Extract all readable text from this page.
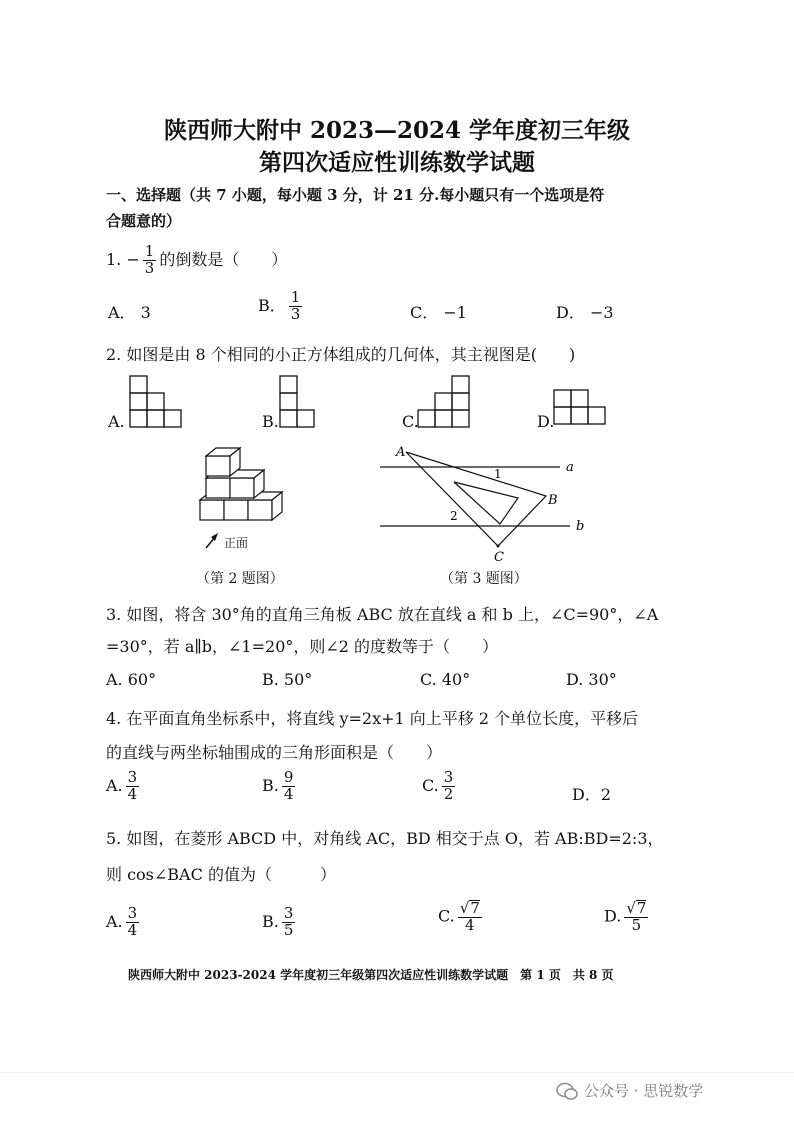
陕西师大附中 2023—2024 学年度初三年级
第四次适应性训练数学试题
一、选择题（共 7 小题，每小题 3 分，计 21 分.每小题只有一个选项是符
合题意的）
1. − $\frac{1}{3}$ 的倒数是（　　）
A． 3	B． $\frac{1}{3}$	C． −1	D． −3
2. 如图是由 8 个相同的小正方体组成的几何体，其主视图是(　　)
A.	B.	C.	D.
正面
（第 2 题图）
A
B
C
a
b
1
2
（第 3 题图）
3. 如图，将含 30°角的直角三角板 ABC 放在直线 a 和 b 上，∠C=90°，∠A
=30°，若 a∥b，∠1=20°，则∠2 的度数等于（　　）
A. 60°	B. 50°	C. 40°	D. 30°
4. 在平面直角坐标系中，将直线 y=2x+1 向上平移 2 个单位长度，平移后
的直线与两坐标轴围成的三角形面积是（　　）
A. $\frac{3}{4}$	B. $\frac{9}{4}$	C. $\frac{3}{2}$	D．2
5. 如图，在菱形 ABCD 中，对角线 AC，BD 相交于点 O，若 AB:BD=2:3，
则 cos∠BAC 的值为（　　　）
A. $\frac{3}{4}$	B. $\frac{3}{5}$	C. $\frac{√7}{4}$	D. $\frac{√7}{5}$
陕西师大附中 2023-2024 学年度初三年级第四次适应性训练数学试题　第 1 页　共 8 页
公众号 · 思锐数学
